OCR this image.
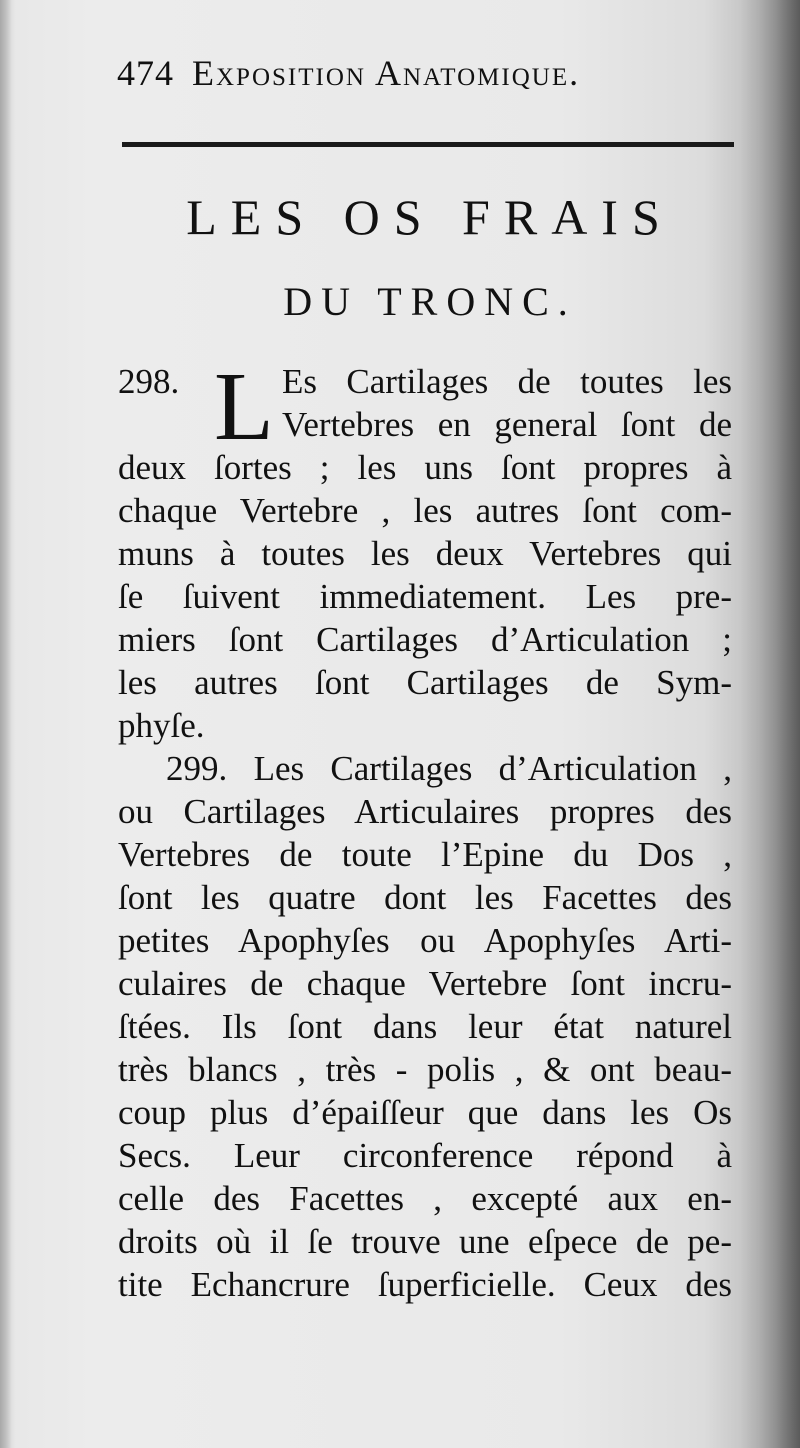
474 Exposition Anatomique.
LES OS FRAIS
DU TRONC.
298. L Es Cartilages de toutes les
Vertebres en general ſont de
deux ſortes ; les uns ſont propres à
chaque Vertebre , les autres ſont com-
muns à toutes les deux Vertebres qui
ſe ſuivent immediatement. Les pre-
miers ſont Cartilages d’Articulation ;
les autres ſont Cartilages de Sym-
phyſe.
299. Les Cartilages d’Articulation ,
ou Cartilages Articulaires propres des
Vertebres de toute l’Epine du Dos ,
ſont les quatre dont les Facettes des
petites Apophyſes ou Apophyſes Arti-
culaires de chaque Vertebre ſont incru-
ſtées. Ils ſont dans leur état naturel
très blancs , très - polis , & ont beau-
coup plus d’épaiſſeur que dans les Os
Secs. Leur circonference répond à
celle des Facettes , excepté aux en-
droits où il ſe trouve une eſpece de pe-
tite Echancrure ſuperficielle. Ceux des
